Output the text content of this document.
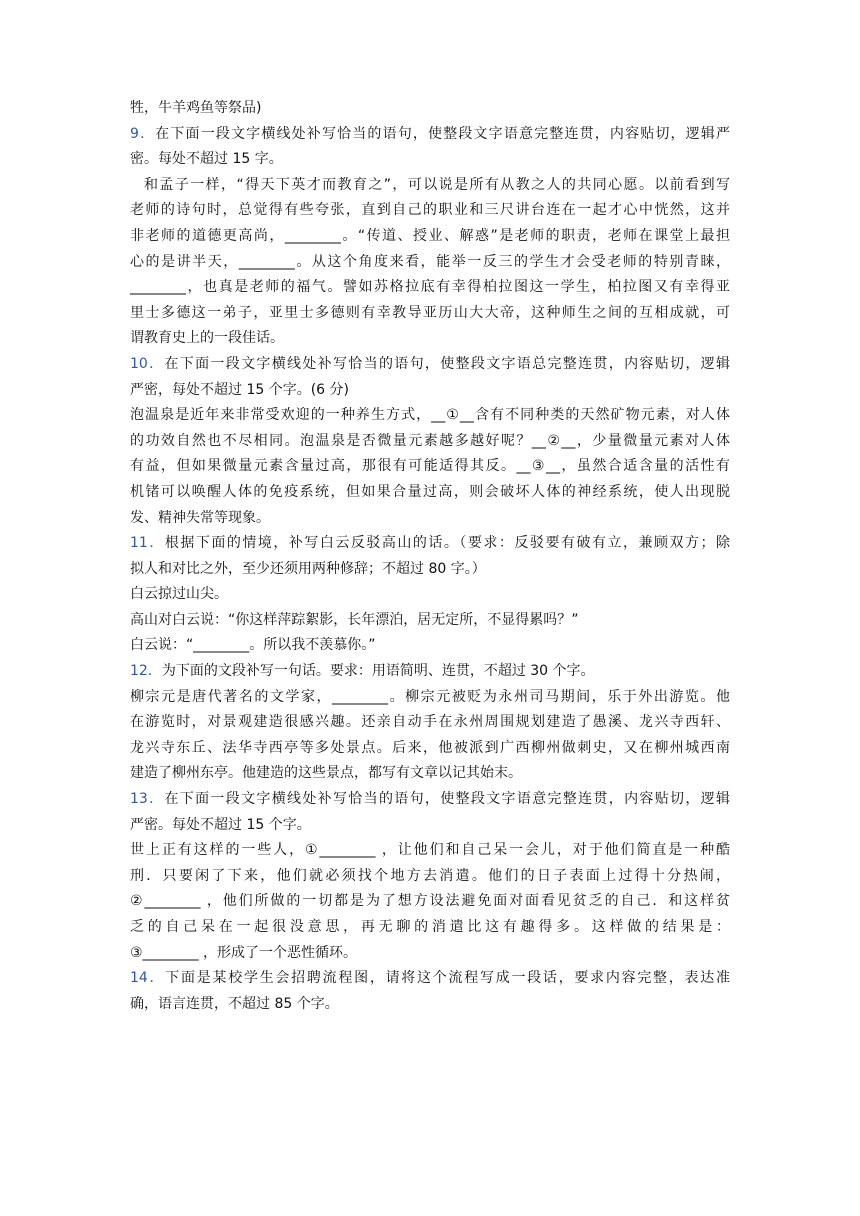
牲，牛羊鸡鱼等祭品)
9．在下面一段文字横线处补写恰当的语句，使整段文字语意完整连贯，内容贴切，逻辑严
密。每处不超过 15 字。
和孟子一样，“得天下英才而教育之”，可以说是所有从教之人的共同心愿。以前看到写
老师的诗句时，总觉得有些夸张，直到自己的职业和三尺讲台连在一起才心中恍然，这并
非老师的道德更高尚，________。“传道、授业、解惑”是老师的职责，老师在课堂上最担
心的是讲半天，________。从这个角度来看，能举一反三的学生才会受老师的特别青睐，
________，也真是老师的福气。譬如苏格拉底有幸得柏拉图这一学生，柏拉图又有幸得亚
里士多德这一弟子，亚里士多德则有幸教导亚历山大大帝，这种师生之间的互相成就，可
谓教育史上的一段佳话。
10．在下面一段文字横线处补写恰当的语句，使整段文字语总完整连贯，内容贴切，逻辑
严密，每处不超过 15 个字。(6 分)
泡温泉是近年来非常受欢迎的一种养生方式，__①__含有不同种类的天然矿物元素，对人体
的功效自然也不尽相同。泡温泉是否微量元素越多越好呢？__②__，少量微量元素对人体
有益，但如果微量元素含量过高，那很有可能适得其反。__③__，虽然合适含量的活性有
机锗可以唤醒人体的免疫系统，但如果合量过高，则会破坏人体的神经系统，使人出现脱
发、精神失常等现象。
11．根据下面的情境，补写白云反驳高山的话。（要求：反驳要有破有立，兼顾双方；除
拟人和对比之外，至少还须用两种修辞；不超过 80 字。）
白云掠过山尖。
高山对白云说：“你这样萍踪絮影，长年漂泊，居无定所，不显得累吗？”
白云说：“________。所以我不羡慕你。”
12．为下面的文段补写一句话。要求：用语简明、连贯，不超过 30 个字。
柳宗元是唐代著名的文学家，________。柳宗元被贬为永州司马期间，乐于外出游览。他
在游览时，对景观建造很感兴趣。还亲自动手在永州周围规划建造了愚溪、龙兴寺西轩、
龙兴寺东丘、法华寺西亭等多处景点。后来，他被派到广西柳州做刺史，又在柳州城西南
建造了柳州东亭。他建造的这些景点，都写有文章以记其始末。
13．在下面一段文字横线处补写恰当的语句，使整段文字语意完整连贯，内容贴切，逻辑
严密。每处不超过 15 个字。
世上正有这样的一些人，①________ ，让他们和自己呆一会儿，对于他们简直是一种酷
刑．只要闲了下来，他们就必须找个地方去消遣。他们的日子表面上过得十分热闹，
②________ ，他们所做的一切都是为了想方设法避免面对面看见贫乏的自己．和这样贫
乏的自己呆在一起很没意思，再无聊的消遣比这有趣得多。这样做的结果是：
③________ ，形成了一个恶性循环。
14．下面是某校学生会招聘流程图，请将这个流程写成一段话，要求内容完整，表达准
确，语言连贯，不超过 85 个字。
